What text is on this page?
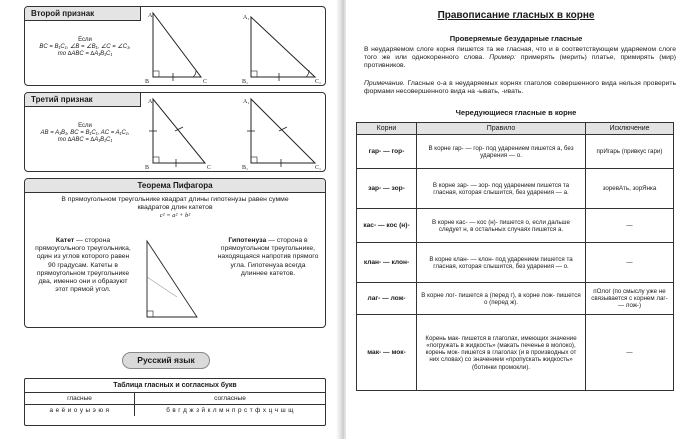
Второй признак
Если
BC = B₁C₁, ∠B = ∠B₁, ∠C = ∠C₁,
то ∆ABC = ∆A₁B₁C₁
A
B	C
A₁
B₁	C₁
Третий признак
Если
AB = A₁B₁, BC = B₁C₁, AC = A₁C₁,
то ∆ABC = ∆A₁B₁C₁
A
B	C
A₁
B₁	C₁
Теорема Пифагора
В прямоугольном треугольнике квадрат длины гипотенузы равен сумме квадратов длин катетов
c² = a² + b²
Катет — сторона прямоугольного треугольника, один из углов которого равен 90 градусам. Катеты в прямоугольном треугольнике два, именно они и образуют этот прямой угол.
Гипотенуза — сторона в прямоугольном треугольнике, находящаяся напротив прямого угла. Гипотенуза всегда длиннее катетов.
Русский язык
Таблица гласных и согласных букв
гласные	согласные
а е ё и о у ы э ю я	б в г д ж з й к л м н п р с т ф х ц ч ш щ
Правописание гласных в корне
Проверяемые безударные гласные
В неударяемом слоге корня пишется та же гласная, что и в соответствующем ударяемом слоге того же или однокоренного слова. Пример: примерять (мерить) платье, примирять (мир) противников.
Примечание. Гласные о-а в неударяемых корнях глаголов совершенного вида нельзя проверить формами несовершенного вида на -ывать, -ивать.
Чередующиеся гласные в корне
Корни	Правило	Исключение
гар- — гор-	В корне гар- — гор- под ударением пишется а, без ударения — о.	прИгарь (привкус гари)
зар- — зор-	В корне зар- — зор- под ударением пишется та гласная, которая слышится, без ударения — а.	зоревАть, зорЯнка
кас- — кос (н)-	В корне кас- — кос (н)- пишется о, если дальше следует н, в остальных случаях пишется а.	—
клан- — клон-	В корне клан- — клон- под ударением пишется та гласная, которая слышится, без ударения — о.	—
лаг- — лож-	В корне лог- пишется а (перед г), в корне лож- пишется о (перед ж).	пОлог (по смыслу уже не связывается с корнем лаг- — лож-)
мак- — мок-	Корень мак- пишется в глаголах, имеющих значение «погружать в жидкость» (макать печенье в молоко), корень мок- пишется в глаголах (и в производных от них словах) со значением «пропускать жидкость» (ботинки промокли).	—
